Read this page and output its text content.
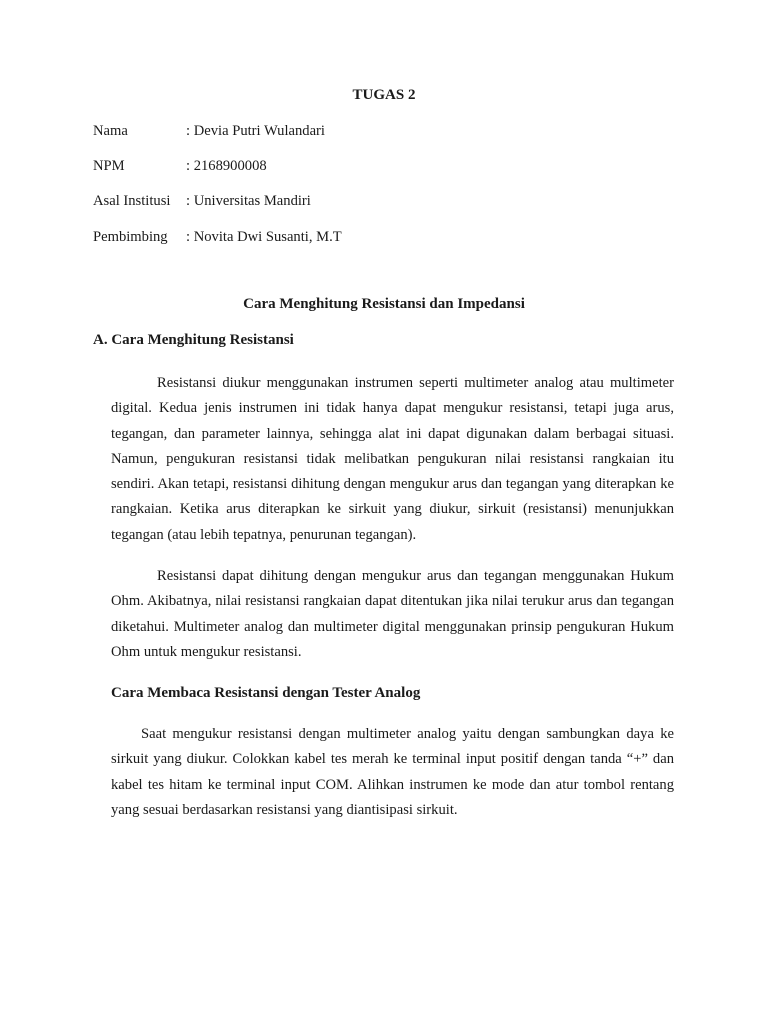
TUGAS 2
Nama	: Devia Putri Wulandari
NPM	: 2168900008
Asal Institusi : Universitas Mandiri
Pembimbing : Novita Dwi Susanti, M.T
Cara Menghitung Resistansi dan Impedansi
A. Cara Menghitung Resistansi

Resistansi diukur menggunakan instrumen seperti multimeter analog atau multimeter digital. Kedua jenis instrumen ini tidak hanya dapat mengukur resistansi, tetapi juga arus, tegangan, dan parameter lainnya, sehingga alat ini dapat digunakan dalam berbagai situasi. Namun, pengukuran resistansi tidak melibatkan pengukuran nilai resistansi rangkaian itu sendiri. Akan tetapi, resistansi dihitung dengan mengukur arus dan tegangan yang diterapkan ke rangkaian. Ketika arus diterapkan ke sirkuit yang diukur, sirkuit (resistansi) menunjukkan tegangan (atau lebih tepatnya, penurunan tegangan).

Resistansi dapat dihitung dengan mengukur arus dan tegangan menggunakan Hukum Ohm. Akibatnya, nilai resistansi rangkaian dapat ditentukan jika nilai terukur arus dan tegangan diketahui. Multimeter analog dan multimeter digital menggunakan prinsip pengukuran Hukum Ohm untuk mengukur resistansi.

Cara Membaca Resistansi dengan Tester Analog

Saat mengukur resistansi dengan multimeter analog yaitu dengan sambungkan daya ke sirkuit yang diukur. Colokkan kabel tes merah ke terminal input positif dengan tanda “+” dan kabel tes hitam ke terminal input COM. Alihkan instrumen ke mode dan atur tombol rentang yang sesuai berdasarkan resistansi yang diantisipasi sirkuit.
